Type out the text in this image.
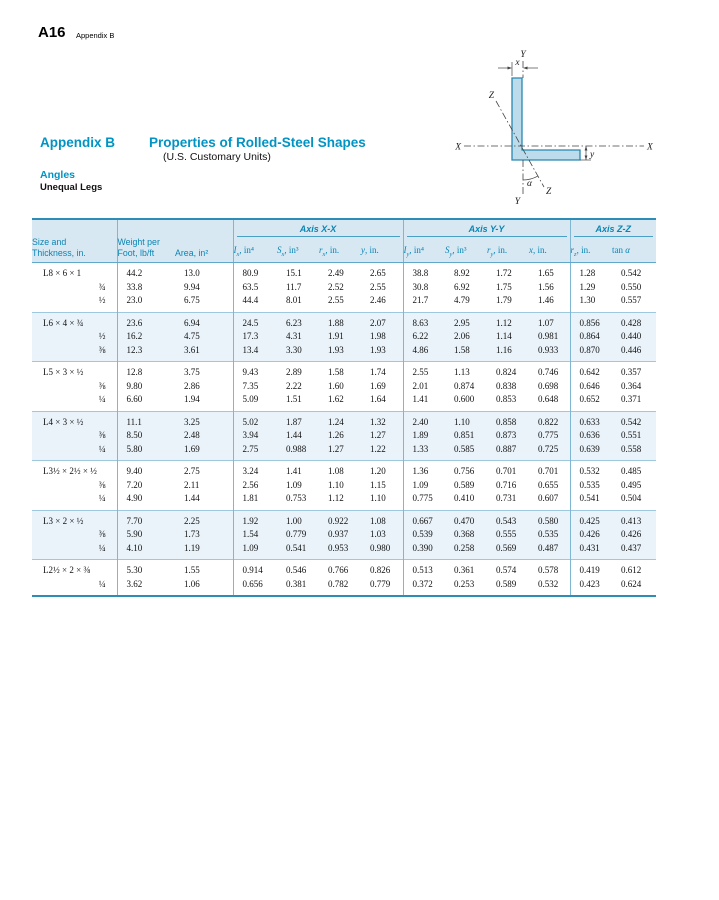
A16 Appendix B
Appendix B	Properties of Rolled-Steel Shapes
(U.S. Customary Units)
Angles
Unequal Legs
Y
x
Z
X	X
y
α
Z
Y

			Axis X-X				Axis Y-Y				Axis Z-Z	

Size and
Thickness, in.

Weight per
Foot, lb/ft	Area, in²	$I_x$, in⁴	$S_x$, in³	$r_x$, in.	y, in.	$I_y$, in⁴	$S_y$, in³	$r_y$, in.	x, in.	$r_z$, in.	tan α
L8 × 6 × 1	44.2	13.0	80.9	15.1	2.49	2.65	38.8	8.92	1.72	1.65	1.28	0.542
¾	33.8	9.94	63.5	11.7	2.52	2.55	30.8	6.92	1.75	1.56	1.29	0.550
½	23.0	6.75	44.4	8.01	2.55	2.46	21.7	4.79	1.79	1.46	1.30	0.557
L6 × 4 × ¾	23.6	6.94	24.5	6.23	1.88	2.07	8.63	2.95	1.12	1.07	0.856	0.428
½	16.2	4.75	17.3	4.31	1.91	1.98	6.22	2.06	1.14	0.981	0.864	0.440
⅜	12.3	3.61	13.4	3.30	1.93	1.93	4.86	1.58	1.16	0.933	0.870	0.446
L5 × 3 × ½	12.8	3.75	9.43	2.89	1.58	1.74	2.55	1.13	0.824	0.746	0.642	0.357
⅜	9.80	2.86	7.35	2.22	1.60	1.69	2.01	0.874	0.838	0.698	0.646	0.364
¼	6.60	1.94	5.09	1.51	1.62	1.64	1.41	0.600	0.853	0.648	0.652	0.371
L4 × 3 × ½	11.1	3.25	5.02	1.87	1.24	1.32	2.40	1.10	0.858	0.822	0.633	0.542
⅜	8.50	2.48	3.94	1.44	1.26	1.27	1.89	0.851	0.873	0.775	0.636	0.551
¼	5.80	1.69	2.75	0.988	1.27	1.22	1.33	0.585	0.887	0.725	0.639	0.558
L3½ × 2½ × ½	9.40	2.75	3.24	1.41	1.08	1.20	1.36	0.756	0.701	0.701	0.532	0.485
⅜	7.20	2.11	2.56	1.09	1.10	1.15	1.09	0.589	0.716	0.655	0.535	0.495
¼	4.90	1.44	1.81	0.753	1.12	1.10	0.775	0.410	0.731	0.607	0.541	0.504
L3 × 2 × ½	7.70	2.25	1.92	1.00	0.922	1.08	0.667	0.470	0.543	0.580	0.425	0.413
⅜	5.90	1.73	1.54	0.779	0.937	1.03	0.539	0.368	0.555	0.535	0.426	0.426
¼	4.10	1.19	1.09	0.541	0.953	0.980	0.390	0.258	0.569	0.487	0.431	0.437
L2½ × 2 × ⅜	5.30	1.55	0.914	0.546	0.766	0.826	0.513	0.361	0.574	0.578	0.419	0.612
¼	3.62	1.06	0.656	0.381	0.782	0.779	0.372	0.253	0.589	0.532	0.423	0.624
